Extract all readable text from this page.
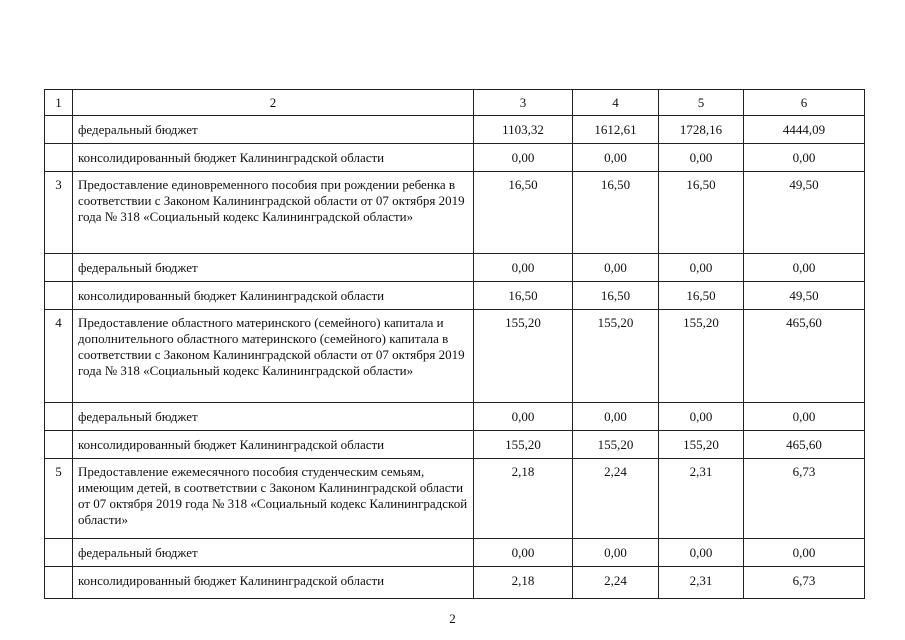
1	2	3	4	5	6
	федеральный бюджет	1103,32	1612,61	1728,16	4444,09
	консолидированный бюджет Калининградской области	0,00	0,00	0,00	0,00
3	Предоставление единовременного пособия при рождении ребенка в соответствии с Законом Калининградской области от 07 октября 2019 года № 318 «Социальный кодекс Калининградской области»	16,50	16,50	16,50	49,50
	федеральный бюджет	0,00	0,00	0,00	0,00
	консолидированный бюджет Калининградской области	16,50	16,50	16,50	49,50
4	Предоставление областного материнского (семейного) капитала и дополнительного областного материнского (семейного) капитала в соответствии с Законом Калининградской области от 07 октября 2019 года № 318 «Социальный кодекс Калининградской области»	155,20	155,20	155,20	465,60
	федеральный бюджет	0,00	0,00	0,00	0,00
	консолидированный бюджет Калининградской области	155,20	155,20	155,20	465,60
5	Предоставление ежемесячного пособия студенческим семьям, имеющим детей, в соответствии с Законом Калининградской области от 07 октября 2019 года № 318 «Социальный кодекс Калининградской области»	2,18	2,24	2,31	6,73
	федеральный бюджет	0,00	0,00	0,00	0,00
	консолидированный бюджет Калининградской области	2,18	2,24	2,31	6,73
2
